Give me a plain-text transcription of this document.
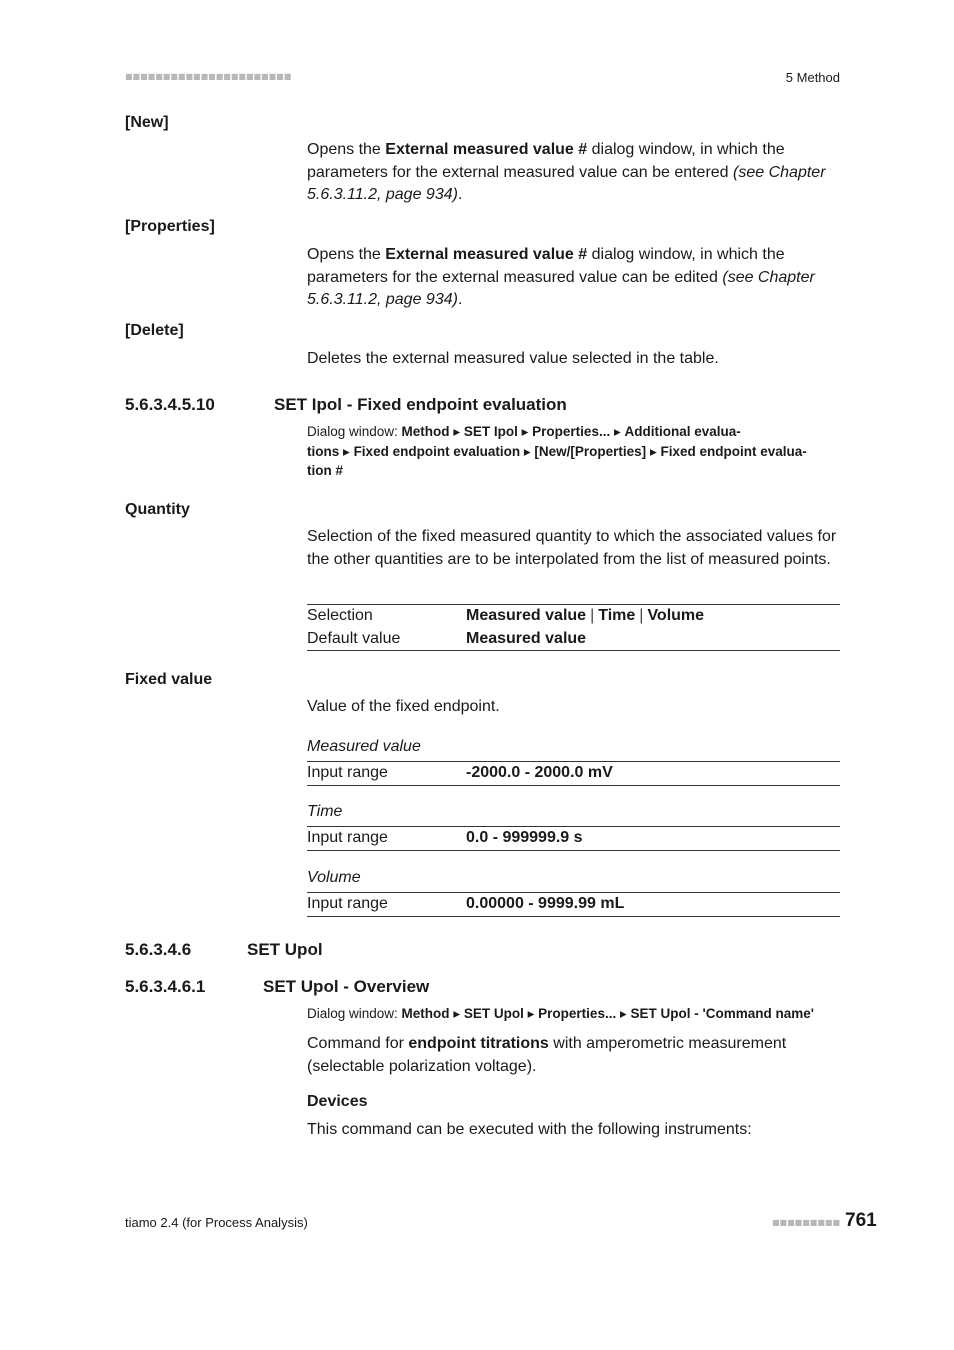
■■■■■■■■■■■■■■■■■■■■■■	5 Method
[New]
Opens the External measured value # dialog window, in which the parameters for the external measured value can be entered (see Chapter 5.6.3.11.2, page 934).
[Properties]
Opens the External measured value # dialog window, in which the parameters for the external measured value can be edited (see Chapter 5.6.3.11.2, page 934).
[Delete]
Deletes the external measured value selected in the table.
5.6.3.4.5.10	SET Ipol - Fixed endpoint evaluation
Dialog window: Method ▸ SET Ipol ▸ Properties... ▸ Additional evalua-
tions ▸ Fixed endpoint evaluation ▸ [New/[Properties] ▸ Fixed endpoint evalua-
tion #
Quantity
Selection of the fixed measured quantity to which the associated values for the other quantities are to be interpolated from the list of measured points.
Selection	Measured value | Time | Volume
Default value	Measured value
Fixed value
Value of the fixed endpoint.
Measured value
Input range	-2000.0 - 2000.0 mV
Time
Input range	0.0 - 999999.9 s
Volume
Input range	0.00000 - 9999.99 mL
5.6.3.4.6	SET Upol
5.6.3.4.6.1	SET Upol - Overview
Dialog window: Method ▸ SET Upol ▸ Properties... ▸ SET Upol - 'Command name'
Command for endpoint titrations with amperometric measurement (selectable polarization voltage).
Devices
This command can be executed with the following instruments:
tiamo 2.4 (for Process Analysis)	■■■■■■■■■ 761
